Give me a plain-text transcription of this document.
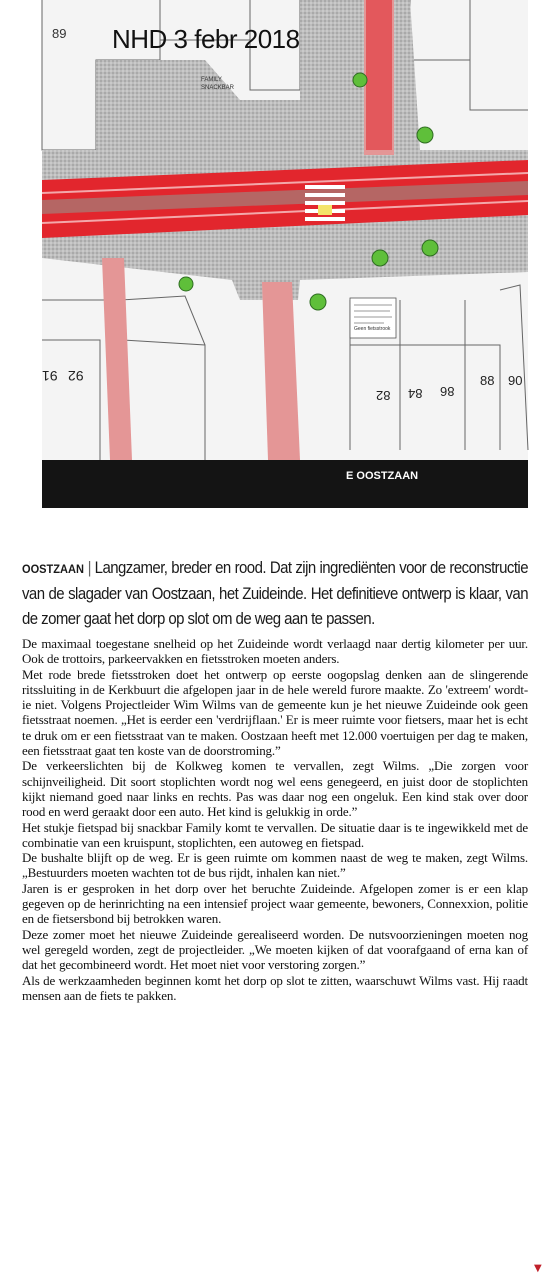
NHD 3 febr 2018
89
E OOSTZAAN
FAMILY SNACKBAR
Geen fietsstrook
91 92
82 84 86
88 90

OOSTZAAN | Langzamer, breder en rood. Dat zijn ingrediënten voor de reconstructie van de slagader van Oostzaan, het Zuideinde. Het definitieve ontwerp is klaar, van de zomer gaat het dorp op slot om de weg aan te passen.

De maximaal toegestane snelheid op het Zuideinde wordt verlaagd naar dertig kilometer per uur. Ook de trottoirs, parkeervakken en fietsstroken moeten anders.

Met rode brede fietsstroken doet het ontwerp op eerste oogopslag denken aan de slingerende ritssluiting in de Kerkbuurt die afgelopen jaar in de hele wereld furore maakte. Zo 'extreem' wordt-ie niet. Volgens Projectleider Wim Wilms van de gemeente kun je het nieuwe Zuideinde ook geen fietsstraat noemen. „Het is eerder een 'verdrijflaan.' Er is meer ruimte voor fietsers, maar het is echt te druk om er een fietsstraat van te maken. Oostzaan heeft met 12.000 voertuigen per dag te maken, een fietsstraat gaat ten koste van de doorstroming.”

De verkeerslichten bij de Kolkweg komen te vervallen, zegt Wilms. „Die zorgen voor schijnveiligheid. Dit soort stoplichten wordt nog wel eens genegeerd, en juist door de stoplichten kijkt niemand goed naar links en rechts. Pas was daar nog een ongeluk. Een kind stak over door rood en werd geraakt door een auto. Het kind is gelukkig in orde.”

Het stukje fietspad bij snackbar Family komt te vervallen. De situatie daar is te ingewikkeld met de combinatie van een kruispunt, stoplichten, een autoweg en fietspad.

De bushalte blijft op de weg. Er is geen ruimte om kommen naast de weg te maken, zegt Wilms. „Bestuurders moeten wachten tot de bus rijdt, inhalen kan niet.”

Jaren is er gesproken in het dorp over het beruchte Zuideinde. Afgelopen zomer is er een klap gegeven op de herinrichting na een intensief project waar gemeente, bewoners, Connexxion, politie en de fietsersbond bij betrokken waren.

Deze zomer moet het nieuwe Zuideinde gerealiseerd worden. De nutsvoorzieningen moeten nog wel geregeld worden, zegt de projectleider. „We moeten kijken of dat voorafgaand of erna kan of dat het gecombineerd wordt. Het moet niet voor verstoring zorgen.”

Als de werkzaamheden beginnen komt het dorp op slot te zitten, waarschuwt Wilms vast. Hij raadt mensen aan de fiets te pakken.

▼
